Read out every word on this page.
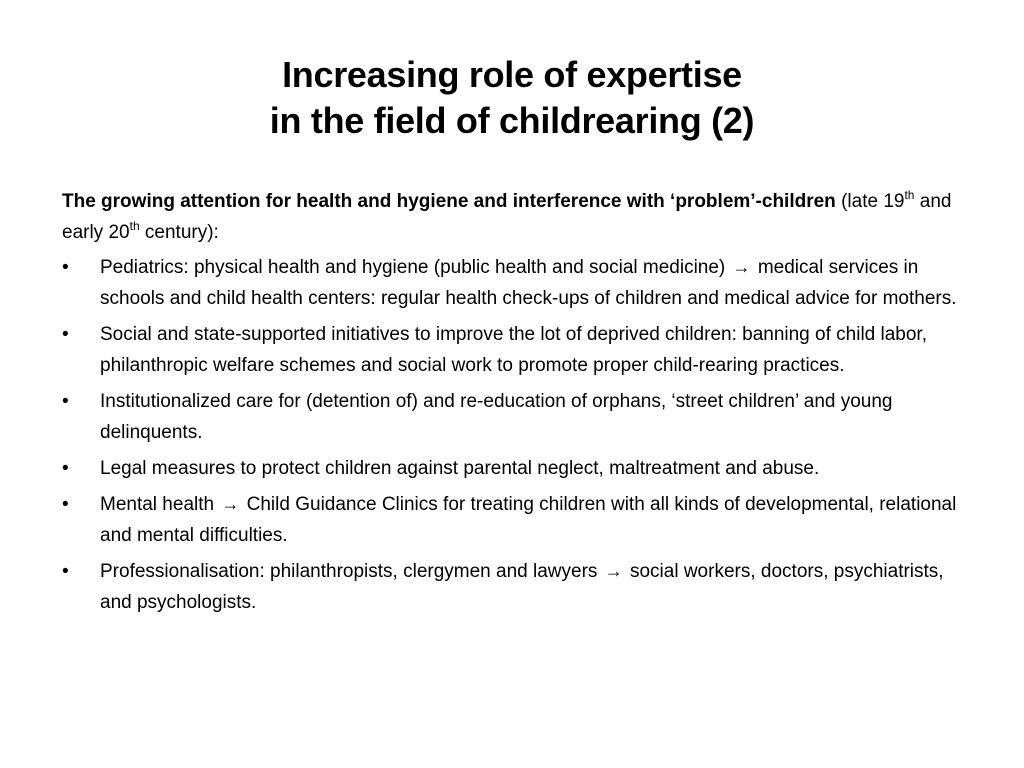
Increasing role of expertise
in the field of childrearing (2)

The growing attention for health and hygiene and interference with ‘problem’-children (late 19th and early 20th century):

•	Pediatrics: physical health and hygiene (public health and social medicine) → medical services in schools and child health centers: regular health check-ups of children and medical advice for mothers.
•	Social and state-supported initiatives to improve the lot of deprived children: banning of child labor, philanthropic welfare schemes and social work to promote proper child-rearing practices.
•	Institutionalized care for (detention of) and re-education of orphans, ‘street children’ and young delinquents.
•	Legal measures to protect children against parental neglect, maltreatment and abuse.
•	Mental health → Child Guidance Clinics for treating children with all kinds of developmental, relational and mental difficulties.
•	Professionalisation: philanthropists, clergymen and lawyers → social workers, doctors, psychiatrists, and psychologists.
